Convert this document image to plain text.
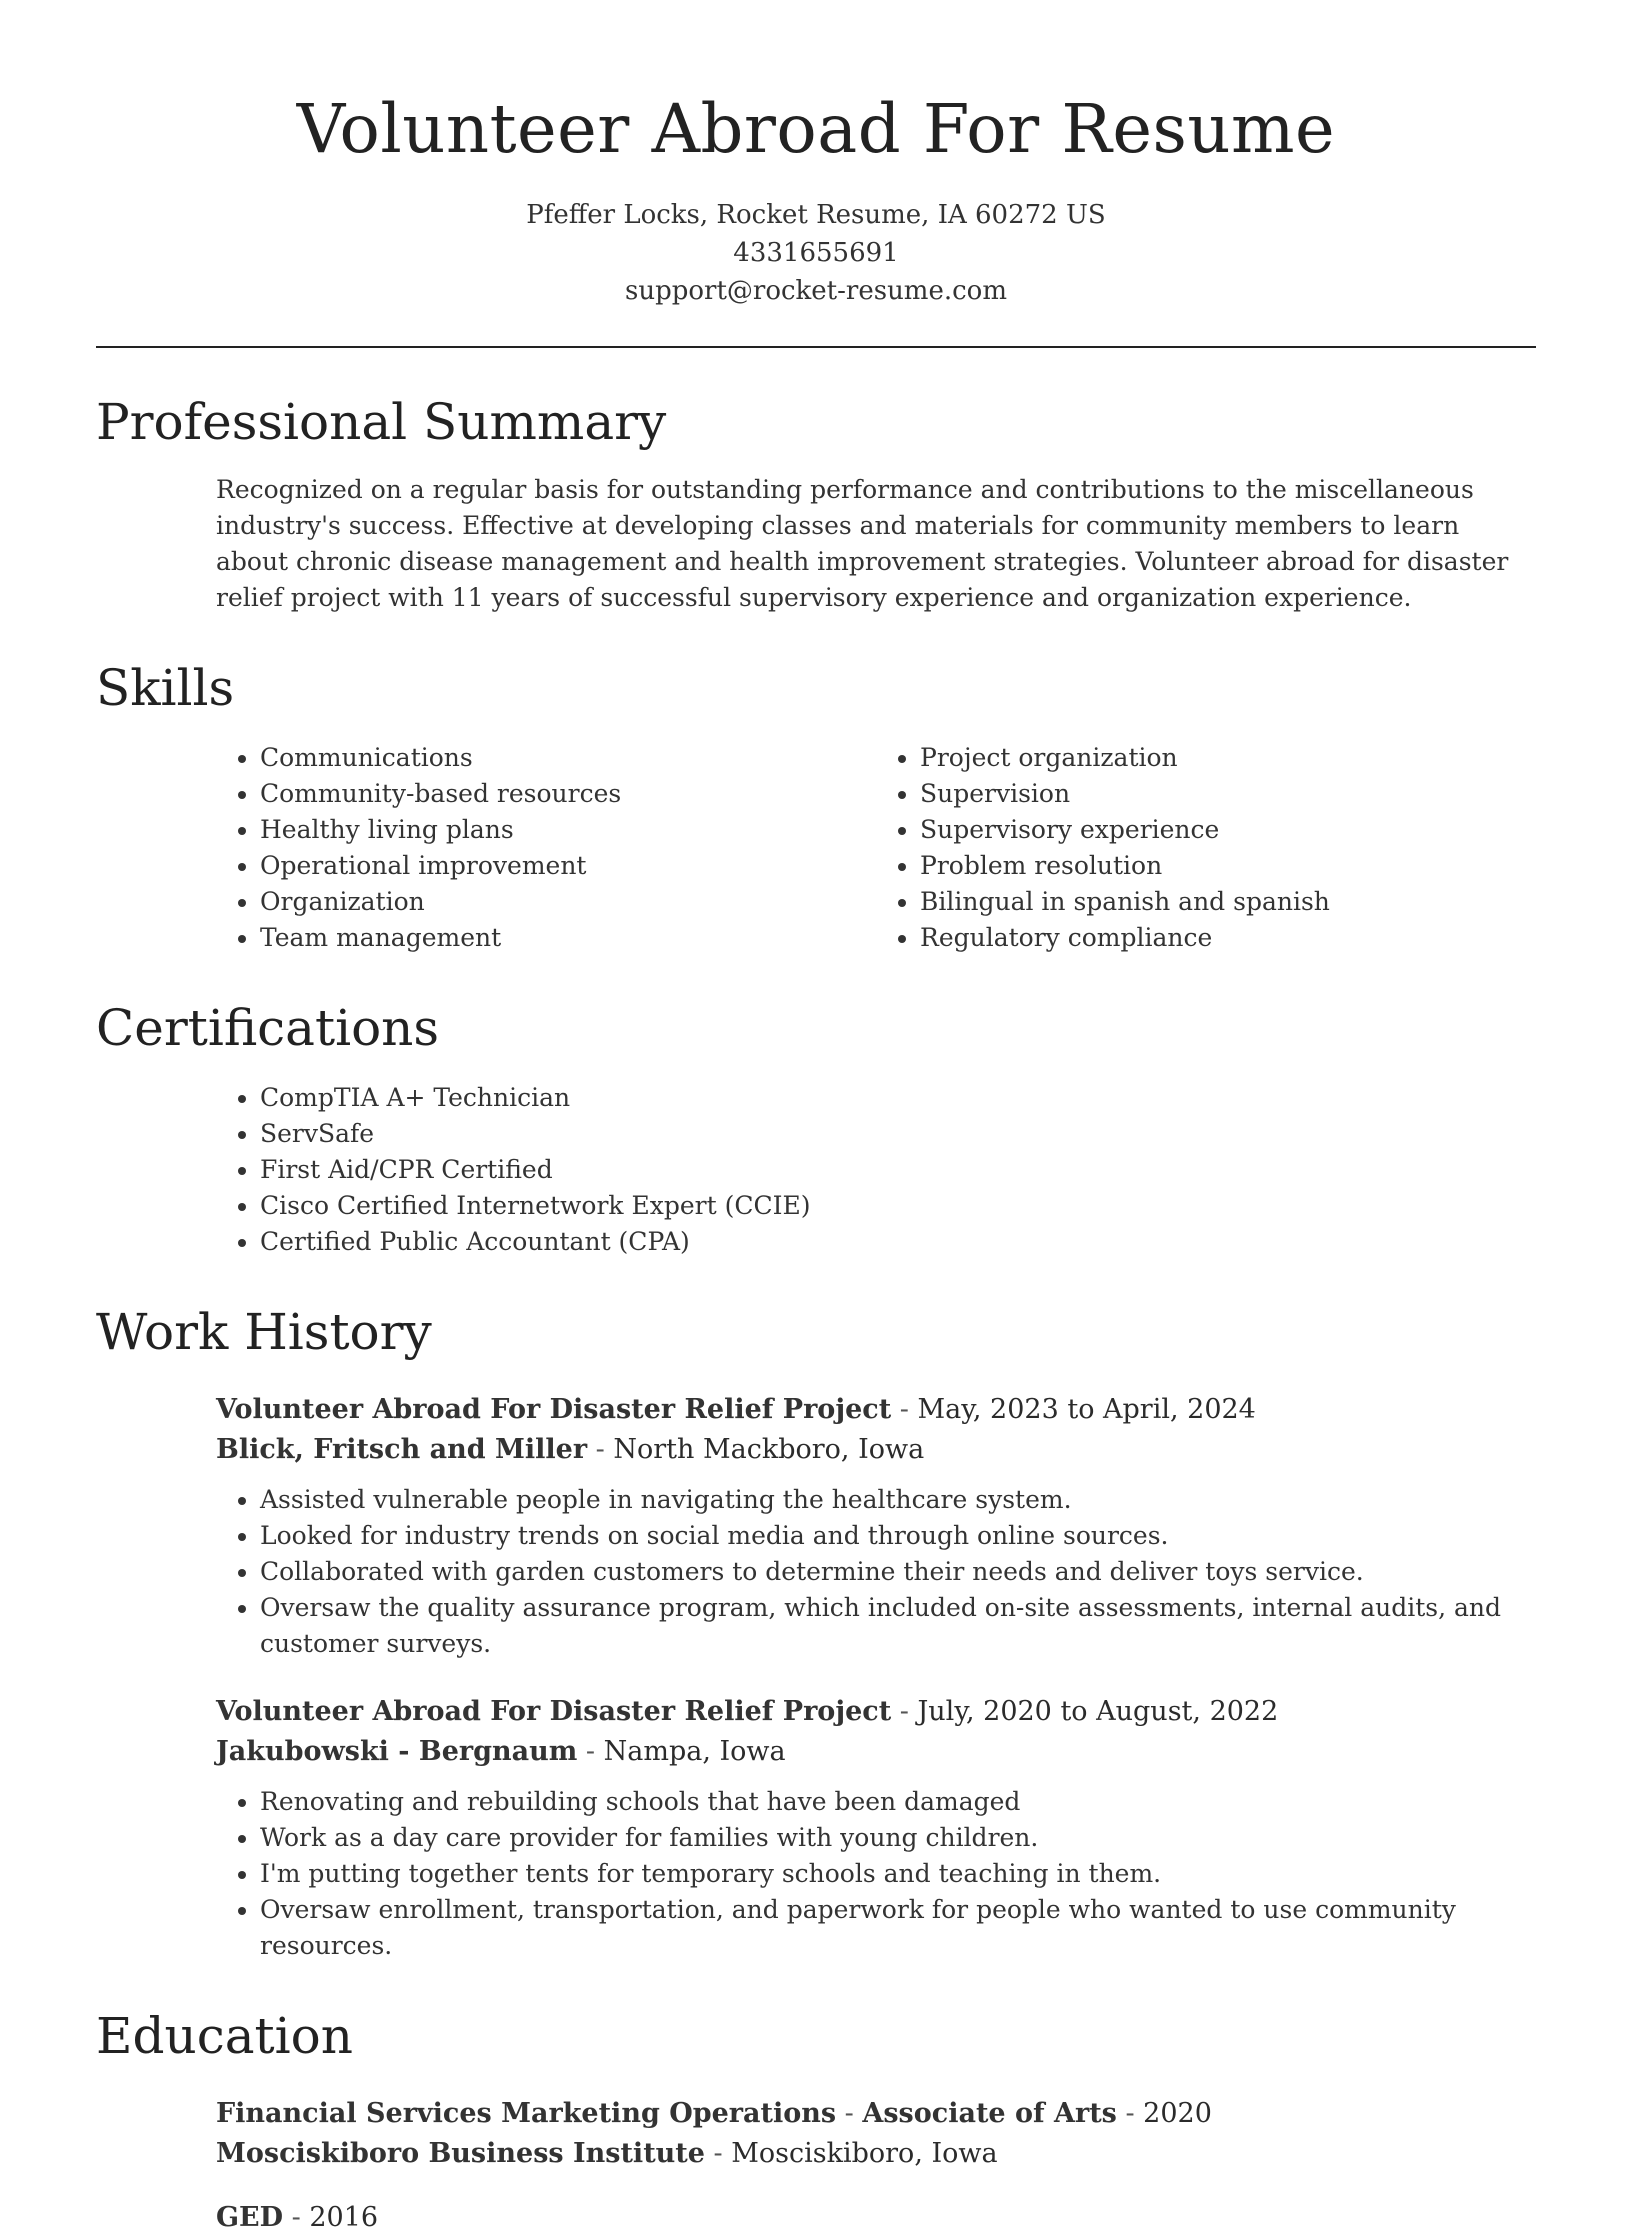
Volunteer Abroad For Resume
Pfeffer Locks, Rocket Resume, IA 60272 US
4331655691
support@rocket-resume.com
Professional Summary
Recognized on a regular basis for outstanding performance and contributions to the miscellaneous industry's success. Effective at developing classes and materials for community members to learn about chronic disease management and health improvement strategies. Volunteer abroad for disaster relief project with 11 years of successful supervisory experience and organization experience.
Skills
• Communications
• Community-based resources
• Healthy living plans
• Operational improvement
• Organization
• Team management
• Project organization
• Supervision
• Supervisory experience
• Problem resolution
• Bilingual in spanish and spanish
• Regulatory compliance
Certifications
• CompTIA A+ Technician
• ServSafe
• First Aid/CPR Certified
• Cisco Certified Internetwork Expert (CCIE)
• Certified Public Accountant (CPA)
Work History
Volunteer Abroad For Disaster Relief Project - May, 2023 to April, 2024
Blick, Fritsch and Miller - North Mackboro, Iowa
• Assisted vulnerable people in navigating the healthcare system.
• Looked for industry trends on social media and through online sources.
• Collaborated with garden customers to determine their needs and deliver toys service.
• Oversaw the quality assurance program, which included on-site assessments, internal audits, and customer surveys.
Volunteer Abroad For Disaster Relief Project - July, 2020 to August, 2022
Jakubowski - Bergnaum - Nampa, Iowa
• Renovating and rebuilding schools that have been damaged
• Work as a day care provider for families with young children.
• I'm putting together tents for temporary schools and teaching in them.
• Oversaw enrollment, transportation, and paperwork for people who wanted to use community resources.
Education
Financial Services Marketing Operations - Associate of Arts - 2020
Mosciskiboro Business Institute - Mosciskiboro, Iowa
GED - 2016
